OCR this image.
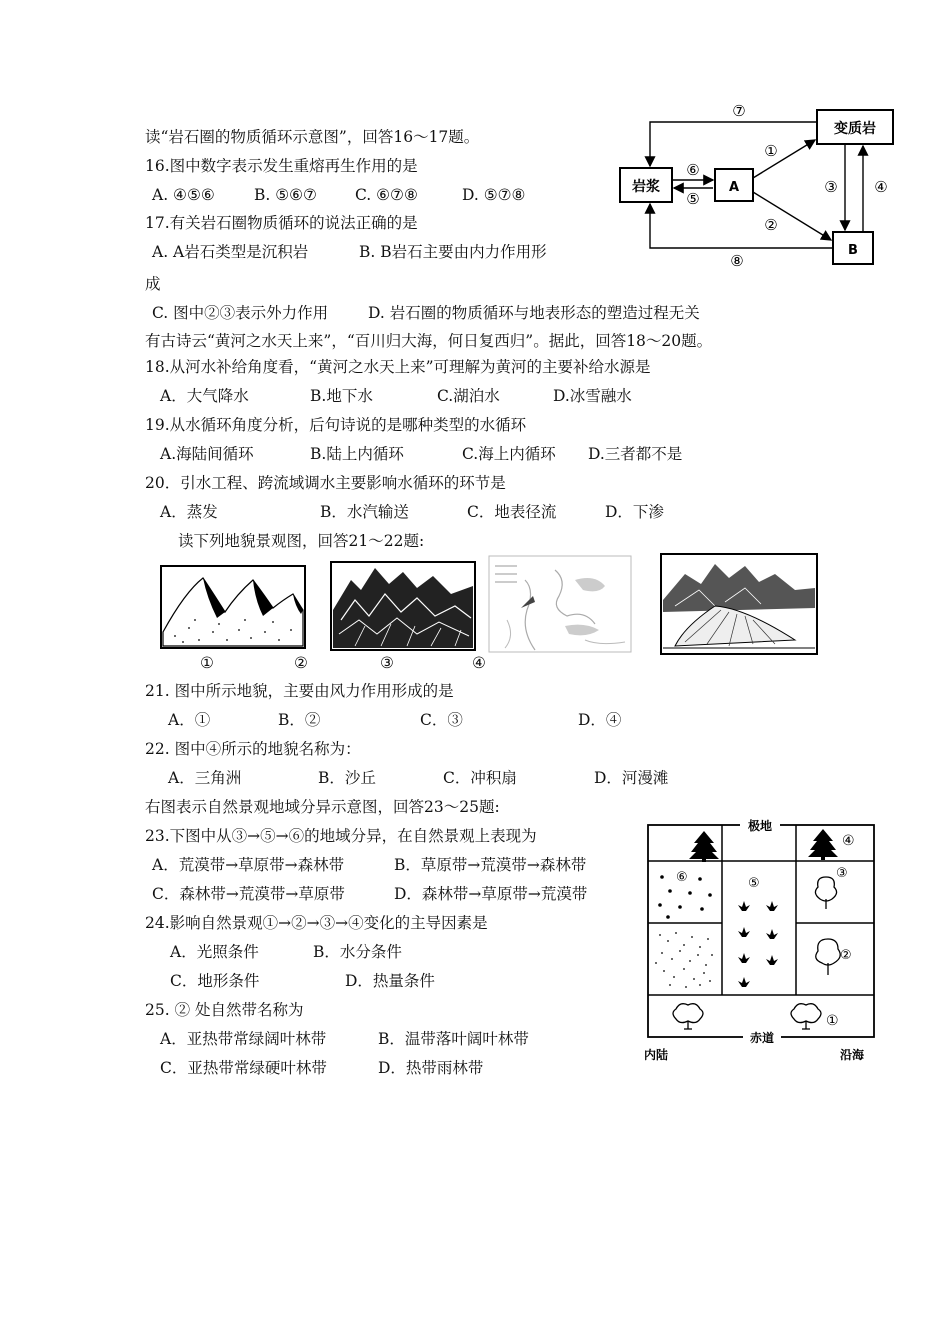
读“岩石圈的物质循环示意图”，回答16～17题。
16.图中数字表示发生重熔再生作用的是
A. ④⑤⑥	B. ⑤⑥⑦ C. ⑥⑦⑧	D. ⑤⑦⑧
17.有关岩石圈物质循环的说法正确的是
A. A岩石类型是沉积岩	B. B岩石主要由内力作用形
成
C. 图中②③表示外力作用	D. 岩石圈的物质循环与地表形态的塑造过程无关
有古诗云“黄河之水天上来”，“百川归大海，何日复西归”。据此，回答18～20题。
18.从河水补给角度看，“黄河之水天上来”可理解为黄河的主要补给水源是
A．大气降水	B.地下水	C.湖泊水	D.冰雪融水
19.从水循环角度分析，后句诗说的是哪种类型的水循环
A.海陆间循环	B.陆上内循环	C.海上内循环 D.三者都不是
20．引水工程、跨流域调水主要影响水循环的环节是
A．蒸发	B．水汽输送	C．地表径流	D．下渗
读下列地貌景观图，回答21～22题:
①	②	③	④
21. 图中所示地貌，主要由风力作用形成的是
A．①	B．②	C．③	D．④
22. 图中④所示的地貌名称为：
A．三角洲	B．沙丘	C．冲积扇	D．河漫滩
右图表示自然景观地域分异示意图，回答23～25题:
23.下图中从③→⑤→⑥的地域分异，在自然景观上表现为
A．荒漠带→草原带→森林带	B．草原带→荒漠带→森林带
C．森林带→荒漠带→草原带	D．森林带→草原带→荒漠带
24.影响自然景观①→②→③→④变化的主导因素是
A．光照条件	B．水分条件
C．地形条件	D．热量条件
25. ② 处自然带名称为
A．亚热带常绿阔叶林带	B．温带落叶阔叶林带
C．亚热带常绿硬叶林带	D．热带雨林带
岩浆	A
变质岩
B
⑦
⑧
①
②
③ ④
⑥
⑤
极地
赤道
内陆	沿海
④
⑥	⑤
③
②
①
